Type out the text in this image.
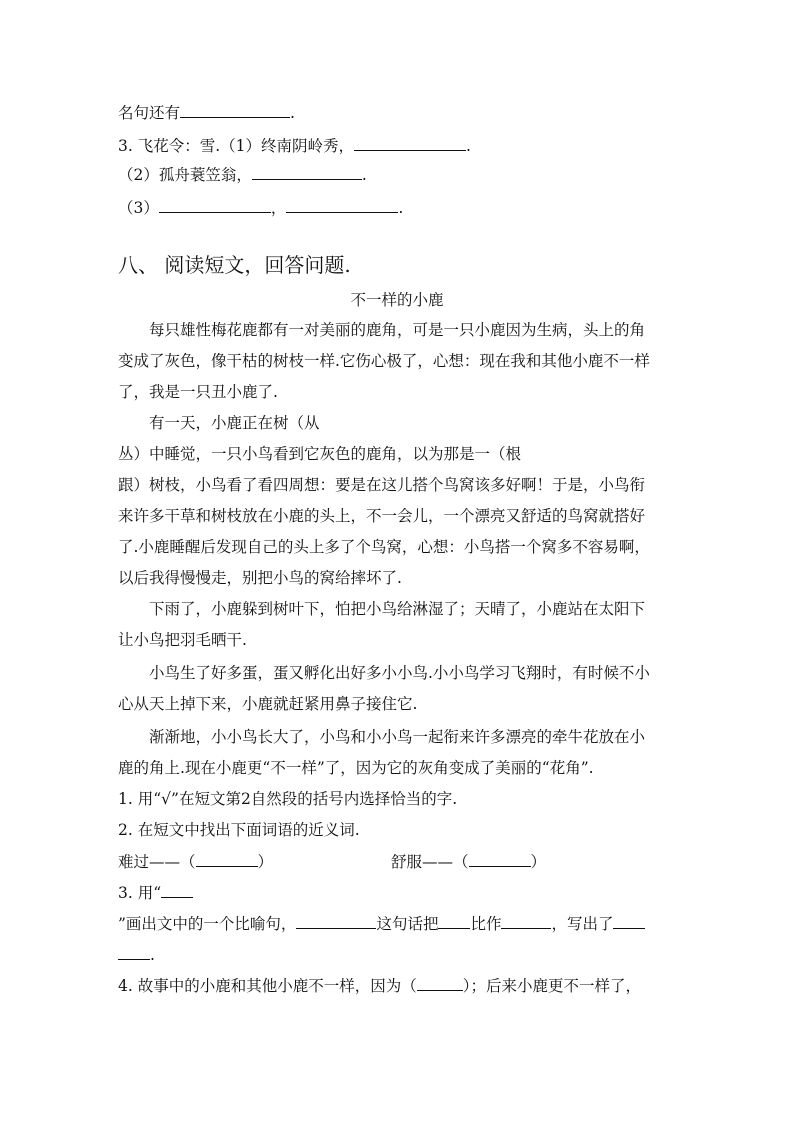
名句还有	.
3. 飞花令：雪.（1）终南阴岭秀，	.
（2）孤舟蓑笠翁，	.
（3）	，	.
八、 阅读短文，回答问题.
不一样的小鹿
每只雄性梅花鹿都有一对美丽的鹿角，可是一只小鹿因为生病，头上的角
变成了灰色，像干枯的树枝一样.它伤心极了，心想：现在我和其他小鹿不一样
了，我是一只丑小鹿了.
有一天，小鹿正在树（从
丛）中睡觉，一只小鸟看到它灰色的鹿角，以为那是一（根
跟）树枝，小鸟看了看四周想：要是在这儿搭个鸟窝该多好啊！于是，小鸟衔
来许多干草和树枝放在小鹿的头上，不一会儿，一个漂亮又舒适的鸟窝就搭好
了.小鹿睡醒后发现自己的头上多了个鸟窝，心想：小鸟搭一个窝多不容易啊，
以后我得慢慢走，别把小鸟的窝给摔坏了.
下雨了，小鹿躲到树叶下，怕把小鸟给淋湿了；天晴了，小鹿站在太阳下
让小鸟把羽毛晒干.
小鸟生了好多蛋，蛋又孵化出好多小小鸟.小小鸟学习飞翔时，有时候不小
心从天上掉下来，小鹿就赶紧用鼻子接住它.
渐渐地，小小鸟长大了，小鸟和小小鸟一起衔来许多漂亮的牵牛花放在小
鹿的角上.现在小鹿更“不一样”了，因为它的灰角变成了美丽的“花角”.
1. 用“√”在短文第2自然段的括号内选择恰当的字.
2. 在短文中找出下面词语的近义词.
难过——（	）	舒服——（	）
3. 用“
”画出文中的一个比喻句，	这句话把 比作	，写出了
.
4. 故事中的小鹿和其他小鹿不一样，因为（	）；后来小鹿更不一样了，
